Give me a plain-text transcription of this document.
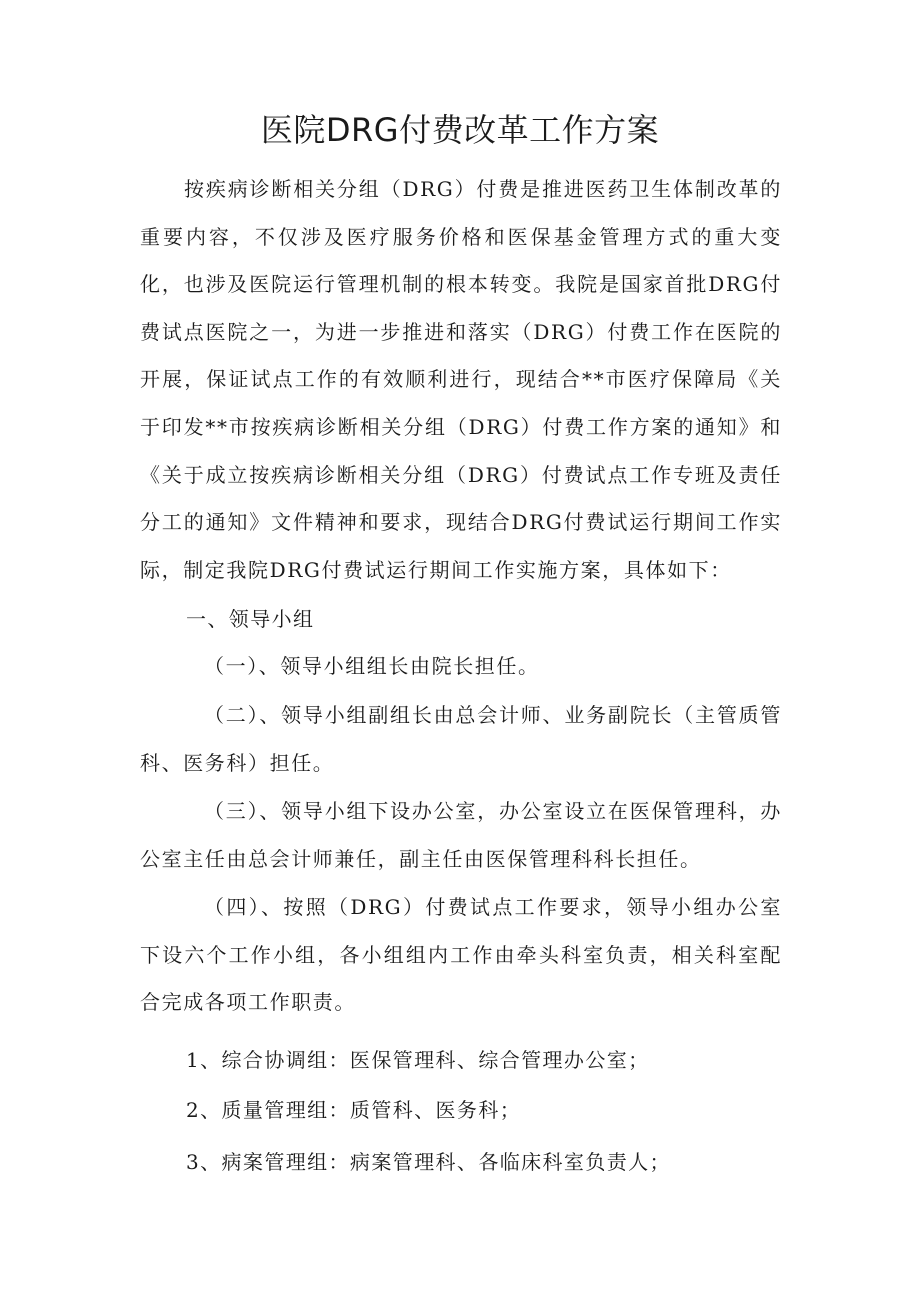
医院DRG付费改革工作方案

按疾病诊断相关分组（DRG）付费是推进医药卫生体制改革的重要内容，不仅涉及医疗服务价格和医保基金管理方式的重大变化，也涉及医院运行管理机制的根本转变。我院是国家首批DRG付费试点医院之一，为进一步推进和落实（DRG）付费工作在医院的开展，保证试点工作的有效顺利进行，现结合**市医疗保障局《关于印发**市按疾病诊断相关分组（DRG）付费工作方案的通知》和《关于成立按疾病诊断相关分组（DRG）付费试点工作专班及责任分工的通知》文件精神和要求，现结合DRG付费试运行期间工作实际，制定我院DRG付费试运行期间工作实施方案，具体如下：

一、领导小组

（一）、领导小组组长由院长担任。

（二）、领导小组副组长由总会计师、业务副院长（主管质管科、医务科）担任。

（三）、领导小组下设办公室，办公室设立在医保管理科，办公室主任由总会计师兼任，副主任由医保管理科科长担任。

（四）、按照（DRG）付费试点工作要求，领导小组办公室下设六个工作小组，各小组组内工作由牵头科室负责，相关科室配合完成各项工作职责。

1、综合协调组：医保管理科、综合管理办公室；

2、质量管理组：质管科、医务科；

3、病案管理组：病案管理科、各临床科室负责人；
